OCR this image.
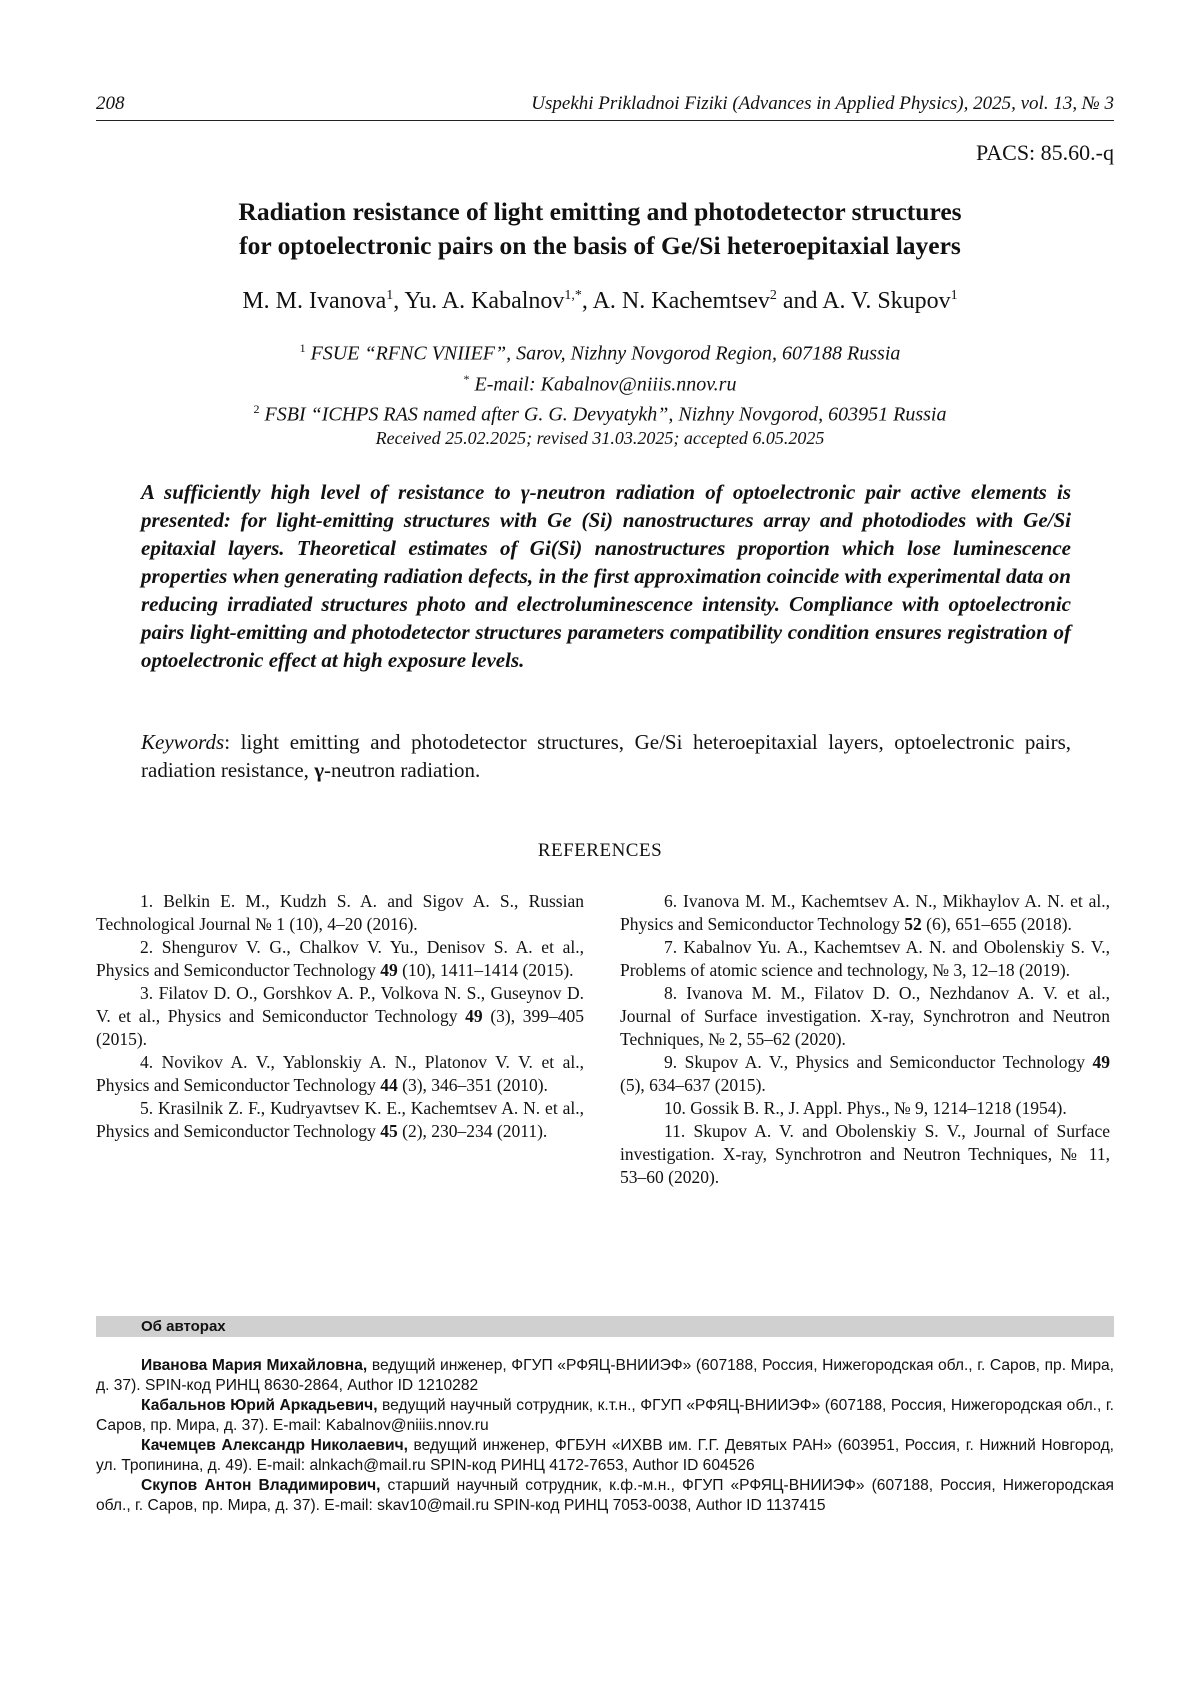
208	Uspekhi Prikladnoi Fiziki (Advances in Applied Physics), 2025, vol. 13, № 3
PACS: 85.60.-q
Radiation resistance of light emitting and photodetector structures
for optoelectronic pairs on the basis of Ge/Si heteroepitaxial layers
M. M. Ivanova$^1$, Yu. A. Kabalnov$^{1,*}$, A. N. Kachemtsev$^2$ and A. V. Skupov$^1$
$^1$ FSUE “RFNC VNIIEF”, Sarov, Nizhny Novgorod Region, 607188 Russia
* E-mail: Kabalnov@niiis.nnov.ru
$^2$ FSBI “ICHPS RAS named after G. G. Devyatykh”, Nizhny Novgorod, 603951 Russia
Received 25.02.2025; revised 31.03.2025; accepted 6.05.2025
A sufficiently high level of resistance to γ-neutron radiation of optoelectronic pair active elements is presented: for light-emitting structures with Ge (Si) nanostructures array and photodiodes with Ge/Si epitaxial layers. Theoretical estimates of Gi(Si) nanostructures proportion which lose luminescence properties when generating radiation defects, in the first approximation coincide with experimental data on reducing irradiated structures photo and electroluminescence intensity. Compliance with optoelectronic pairs light-emitting and photodetector structures parameters compatibility condition ensures registration of optoelectronic effect at high exposure levels.
Keywords: light emitting and photodetector structures, Ge/Si heteroepitaxial layers, optoelectronic pairs, radiation resistance, γ-neutron radiation.
REFERENCES

1. Belkin E. M., Kudzh S. A. and Sigov A. S., Russian Technological Journal № 1 (10), 4–20 (2016).

2. Shengurov V. G., Chalkov V. Yu., Denisov S. A. et al., Physics and Semiconductor Technology 49 (10), 1411–1414 (2015).

3. Filatov D. O., Gorshkov A. P., Volkova N. S., Guseynov D. V. et al., Physics and Semiconductor Technology 49 (3), 399–405 (2015).

4. Novikov A. V., Yablonskiy A. N., Platonov V. V. et al., Physics and Semiconductor Technology 44 (3), 346–351 (2010).

5. Krasilnik Z. F., Kudryavtsev K. E., Kachemtsev A. N. et al., Physics and Semiconductor Technology 45 (2), 230–234 (2011).

6. Ivanova M. M., Kachemtsev A. N., Mikhaylov A. N. et al., Physics and Semiconductor Technology 52 (6), 651–655 (2018).

7. Kabalnov Yu. A., Kachemtsev A. N. and Obolenskiy S. V., Problems of atomic science and technology, № 3, 12–18 (2019).

8. Ivanova M. M., Filatov D. O., Nezhdanov A. V. et al., Journal of Surface investigation. X-ray, Synchrotron and Neutron Techniques, № 2, 55–62 (2020).

9. Skupov A. V., Physics and Semiconductor Technology 49 (5), 634–637 (2015).

10. Gossik B. R., J. Appl. Phys., № 9, 1214–1218 (1954).

11. Skupov A. V. and Obolenskiy S. V., Journal of Surface investigation. X-ray, Synchrotron and Neutron Techniques, № 11, 53–60 (2020).

Об авторах

Иванова Мария Михайловна, ведущий инженер, ФГУП «РФЯЦ-ВНИИЭФ» (607188, Россия, Нижегородская обл., г. Саров, пр. Мира, д. 37). SPIN-код РИНЦ 8630-2864, Author ID 1210282

Кабальнов Юрий Аркадьевич, ведущий научный сотрудник, к.т.н., ФГУП «РФЯЦ-ВНИИЭФ» (607188, Россия, Нижегородская обл., г. Саров, пр. Мира, д. 37). E-mail: Kabalnov@niiis.nnov.ru

Качемцев Александр Николаевич, ведущий инженер, ФГБУН «ИХВВ им. Г.Г. Девятых РАН» (603951, Россия, г. Нижний Новгород, ул. Тропинина, д. 49). E-mail: alnkach@mail.ru SPIN-код РИНЦ 4172-7653, Author ID 604526

Скупов Антон Владимирович, старший научный сотрудник, к.ф.-м.н., ФГУП «РФЯЦ-ВНИИЭФ» (607188, Россия, Нижегородская обл., г. Саров, пр. Мира, д. 37). E-mail: skav10@mail.ru SPIN-код РИНЦ 7053-0038, Author ID 1137415
